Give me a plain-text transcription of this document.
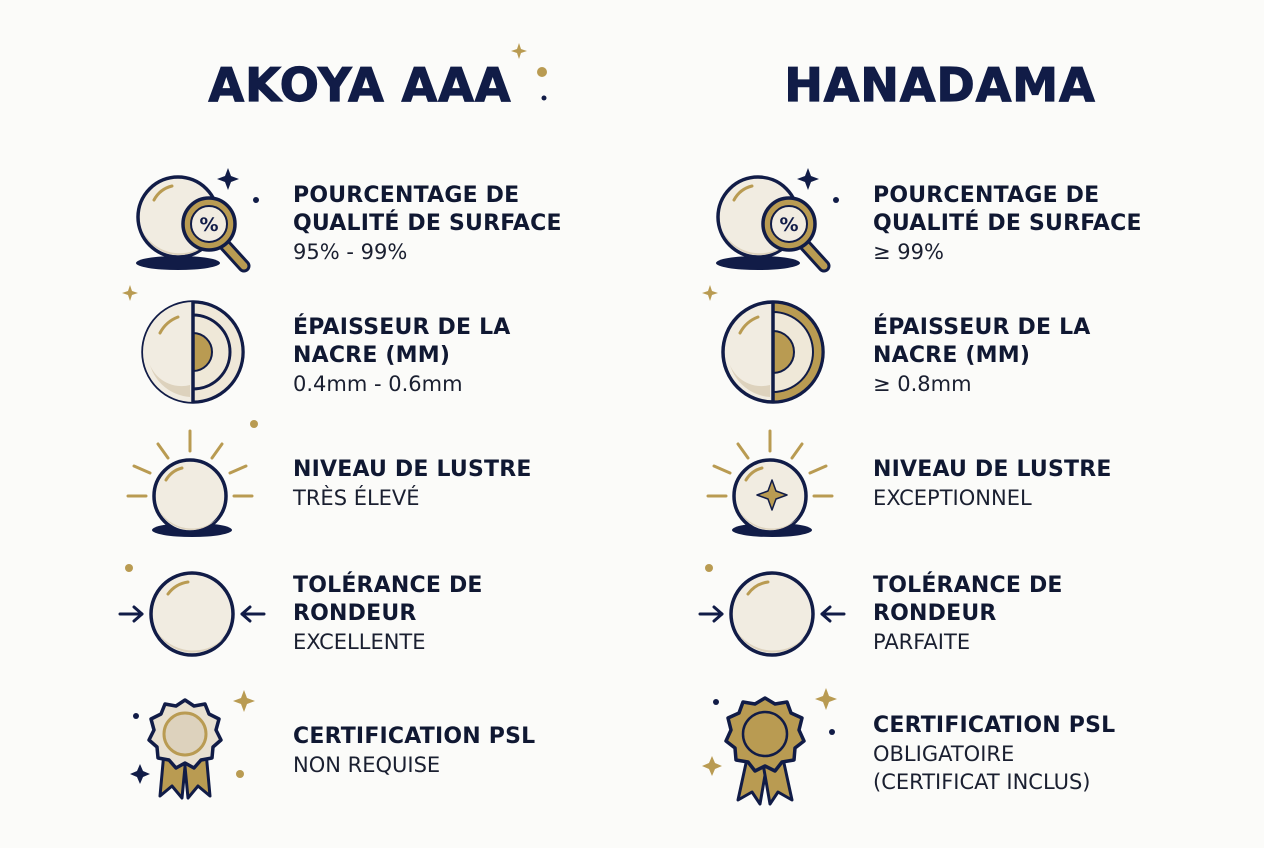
AKOYA AAA
%
POURCENTAGE DE
QUALITÉ DE SURFACE
95% - 99%
ÉPAISSEUR DE LA
NACRE (MM)
0.4mm - 0.6mm
NIVEAU DE LUSTRE
TRÈS ÉLEVÉ
TOLÉRANCE DE
RONDEUR
EXCELLENTE
CERTIFICATION PSL
NON REQUISE
HANADAMA
%
POURCENTAGE DE
QUALITÉ DE SURFACE
≥ 99%
ÉPAISSEUR DE LA
NACRE (MM)
≥ 0.8mm
NIVEAU DE LUSTRE
EXCEPTIONNEL
TOLÉRANCE DE
RONDEUR
PARFAITE
CERTIFICATION PSL
OBLIGATOIRE
(CERTIFICAT INCLUS)
